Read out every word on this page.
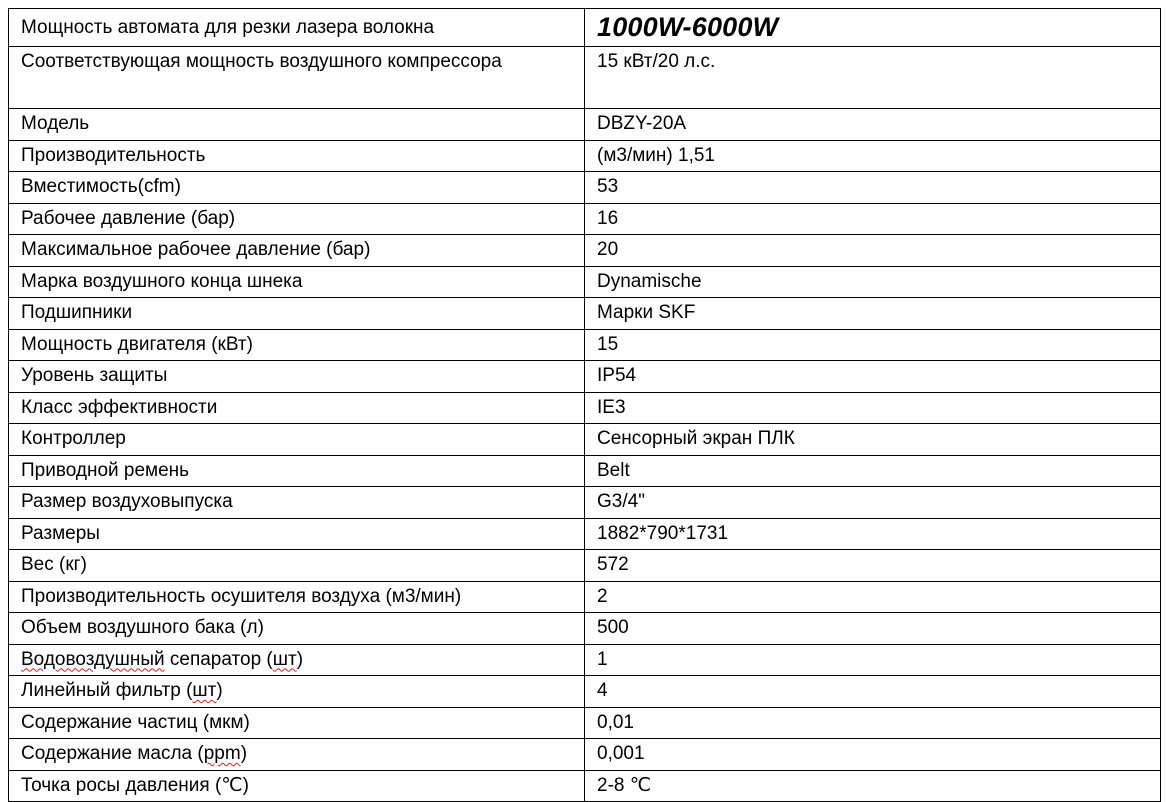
Мощность автомата для резки лазера волокна	1000W-6000W
Соответствующая мощность воздушного компрессора	15 кВт/20 л.с.
Модель	DBZY-20A
Производительность	(м3/мин) 1,51
Вместимость(cfm)	53
Рабочее давление (бар)	16
Максимальное рабочее давление (бар)	20
Марка воздушного конца шнека	Dynamische
Подшипники	Марки SKF
Мощность двигателя (кВт)	15
Уровень защиты	IP54
Класс эффективности	IE3
Контроллер	Сенсорный экран ПЛК
Приводной ремень	Belt
Размер воздуховыпуска	G3/4"
Размеры	1882*790*1731
Вес (кг)	572
Производительность осушителя воздуха (м3/мин)	2
Объем воздушного бака (л)	500
Водовоздушный сепаратор (шт)	1
Линейный фильтр (шт)	4
Содержание частиц (мкм)	0,01
Содержание масла (ppm)	0,001
Точка росы давления (℃)	2-8 ℃
